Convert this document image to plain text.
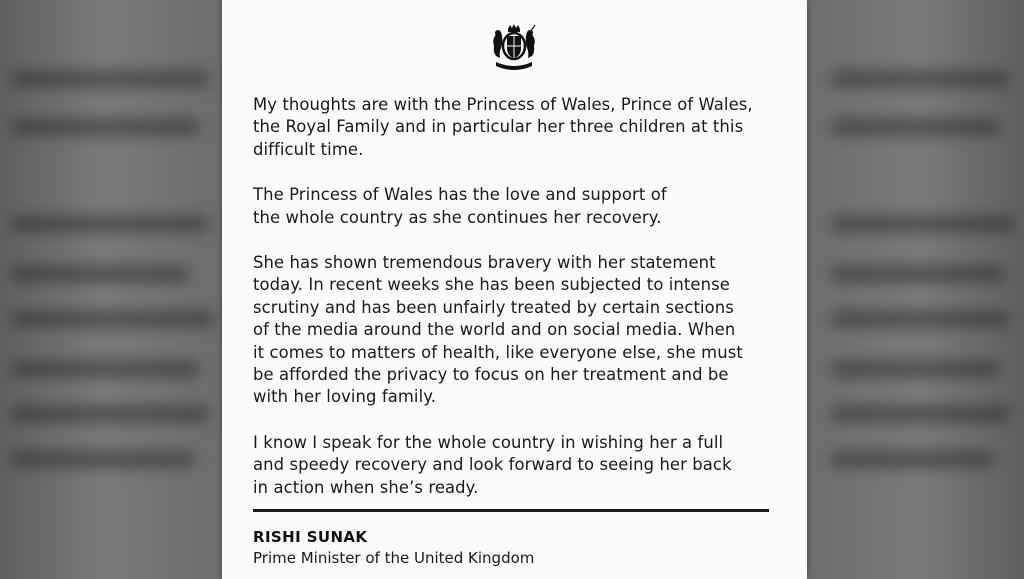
My thoughts are with the Princess of Wales, Prince of Wales,
the Royal Family and in particular her three children at this
difficult time.

The Princess of Wales has the love and support of
the whole country as she continues her recovery.

She has shown tremendous bravery with her statement
today. In recent weeks she has been subjected to intense
scrutiny and has been unfairly treated by certain sections
of the media around the world and on social media. When
it comes to matters of health, like everyone else, she must
be afforded the privacy to focus on her treatment and be
with her loving family.

I know I speak for the whole country in wishing her a full
and speedy recovery and look forward to seeing her back
in action when she’s ready.

RISHI SUNAK
Prime Minister of the United Kingdom
